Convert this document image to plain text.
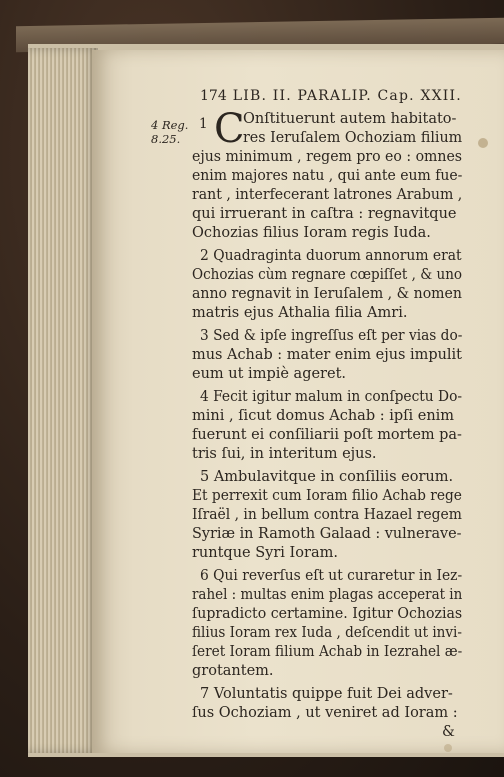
174 LIB. II. PARALIP. Cap. XXII.
4 Reg.
8.25.
1 C
Onſtituerunt autem habitato-
res Ieruſalem Ochoziam filium
ejus minimum , regem pro eo : omnes
enim majores natu , qui ante eum fue-
rant , interfecerant latrones Arabum ,
qui irruerant in caſtra : regnavitque
Ochozias filius Ioram regis Iuda.
2 Quadraginta duorum annorum erat
Ochozias cùm regnare cœpiſſet , & uno
anno regnavit in Ieruſalem , & nomen
matris ejus Athalia filia Amri.
3 Sed & ipſe ingreſſus eſt per vias do-
mus Achab : mater enim ejus impulit
eum ut impiè ageret.
4 Fecit igitur malum in conſpectu Do-
mini , ſicut domus Achab : ipſi enim
fuerunt ei conſiliarii poſt mortem pa-
tris ſui, in interitum ejus.
5 Ambulavitque in conſiliis eorum.
Et perrexit cum Ioram filio Achab rege
Iſraël , in bellum contra Hazael regem
Syriæ in Ramoth Galaad : vulnerave-
runtque Syri Ioram.
6 Qui reverſus eſt ut curaretur in Iez-
rahel : multas enim plagas acceperat in
ſupradicto certamine. Igitur Ochozias
filius Ioram rex Iuda , deſcendit ut invi-
ſeret Ioram filium Achab in Iezrahel æ-
grotantem.
7 Voluntatis quippe fuit Dei adver-
ſus Ochoziam , ut veniret ad Ioram :
&
